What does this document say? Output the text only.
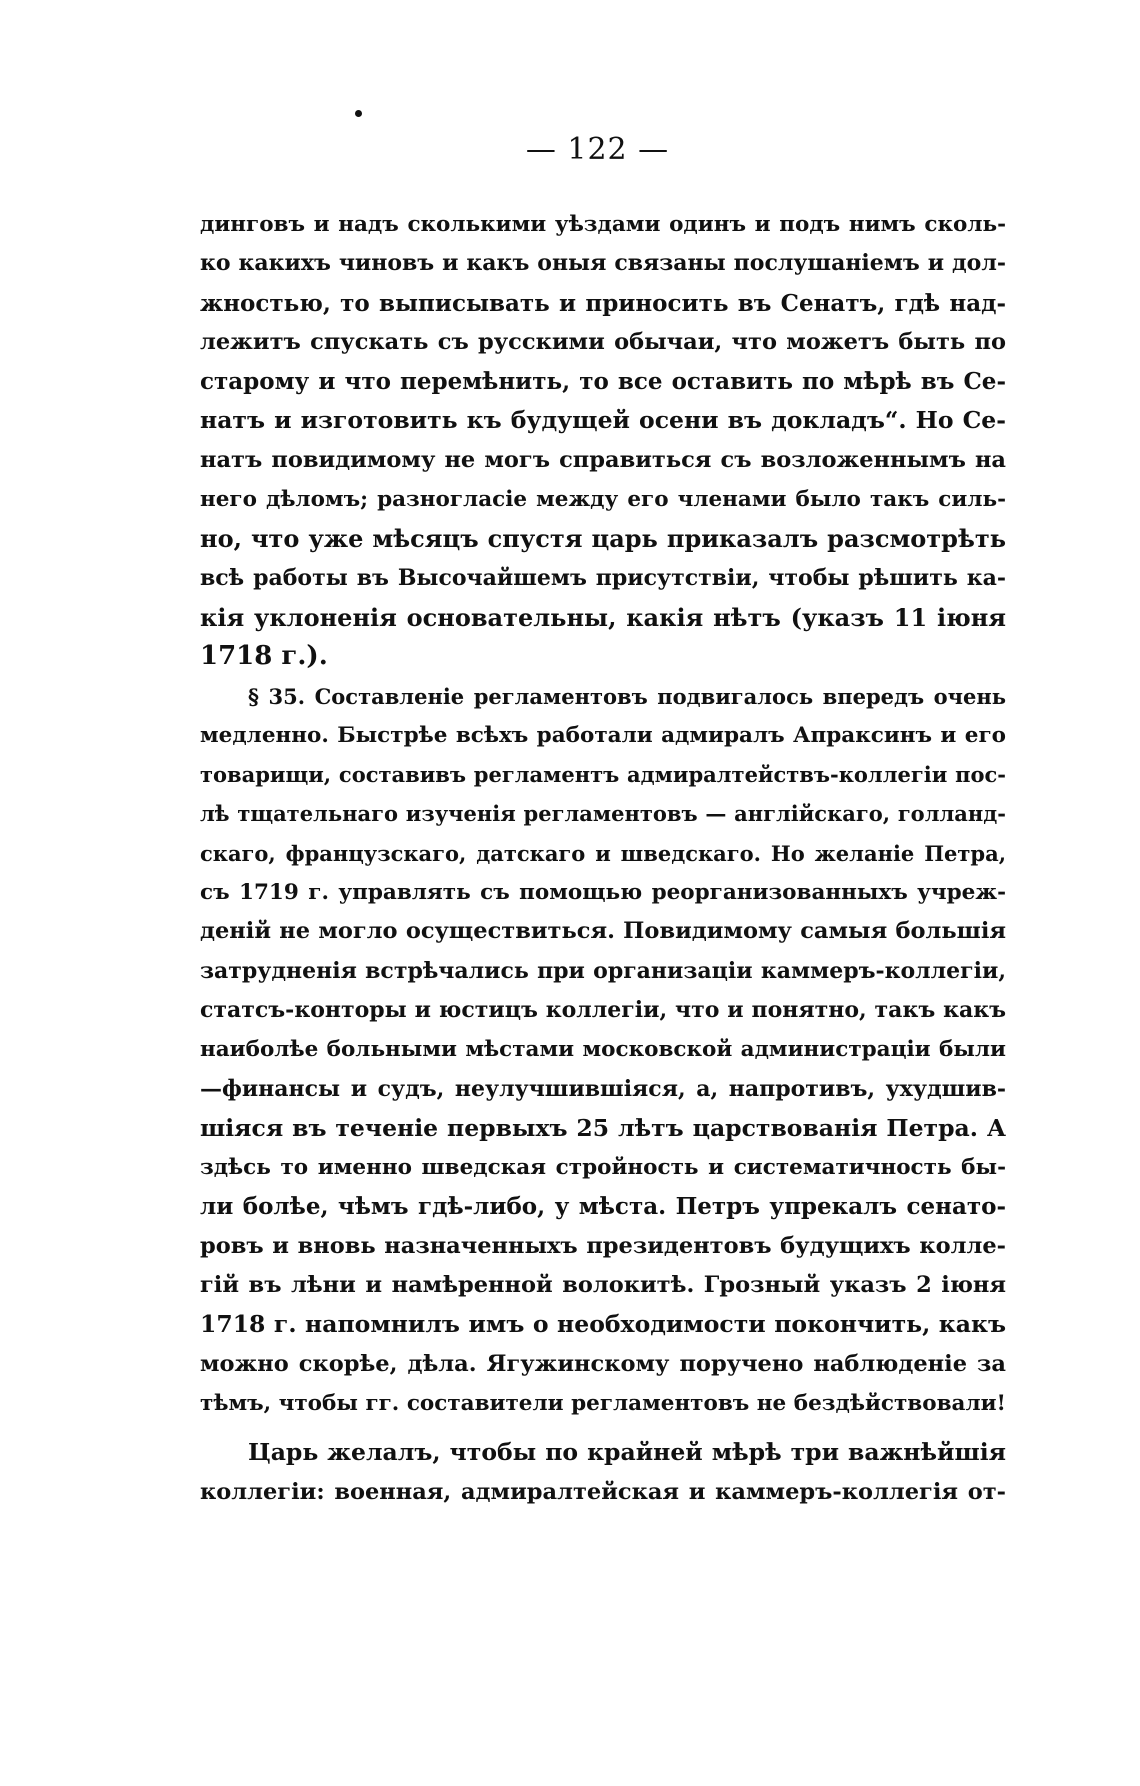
— 122 —
динговъ и надъ сколькими уѣздами одинъ и подъ нимъ сколь-
ко какихъ чиновъ и какъ оныя связаны послушаніемъ и дол-
жностью, то выписывать и приносить въ Сенатъ, гдѣ над-
лежитъ спускать съ русскими обычаи, что можетъ быть по
старому и что перемѣнить, то все оставить по мѣрѣ въ Се-
натъ и изготовить къ будущей осени въ докладъ“. Но Се-
натъ повидимому не могъ справиться съ возложеннымъ на
него дѣломъ; разногласіе между его членами было такъ силь-
но, что уже мѣсяцъ спустя царь приказалъ разсмотрѣть
всѣ работы въ Высочайшемъ присутствіи, чтобы рѣшить ка-
кія уклоненія основательны, какія нѣтъ (указъ 11 іюня
1718 г.).
§ 35. Составленіе регламентовъ подвигалось впередъ очень
медленно. Быстрѣе всѣхъ работали адмиралъ Апраксинъ и его
товарищи, составивъ регламентъ адмиралтействъ-коллегіи пос-
лѣ тщательнаго изученія регламентовъ — англійскаго, голланд-
скаго, французскаго, датскаго и шведскаго. Но желаніе Петра,
съ 1719 г. управлять съ помощью реорганизованныхъ учреж-
деній не могло осуществиться. Повидимому самыя большія
затрудненія встрѣчались при организаціи каммеръ-коллегіи,
статсъ-конторы и юстицъ коллегіи, что и понятно, такъ какъ
наиболѣе больными мѣстами московской администраціи были
—финансы и судъ, неулучшившіяся, а, напротивъ, ухудшив-
шіяся въ теченіе первыхъ 25 лѣтъ царствованія Петра. А
здѣсь то именно шведская стройность и систематичность бы-
ли болѣе, чѣмъ гдѣ-либо, у мѣста. Петръ упрекалъ сенато-
ровъ и вновь назначенныхъ президентовъ будущихъ колле-
гій въ лѣни и намѣренной волокитѣ. Грозный указъ 2 іюня
1718 г. напомнилъ имъ о необходимости покончить, какъ
можно скорѣе, дѣла. Ягужинскому поручено наблюденіе за
тѣмъ, чтобы гг. составители регламентовъ не бездѣйствовали!
Царь желалъ, чтобы по крайней мѣрѣ три важнѣйшія
коллегіи: военная, адмиралтейская и каммеръ-коллегія от-
